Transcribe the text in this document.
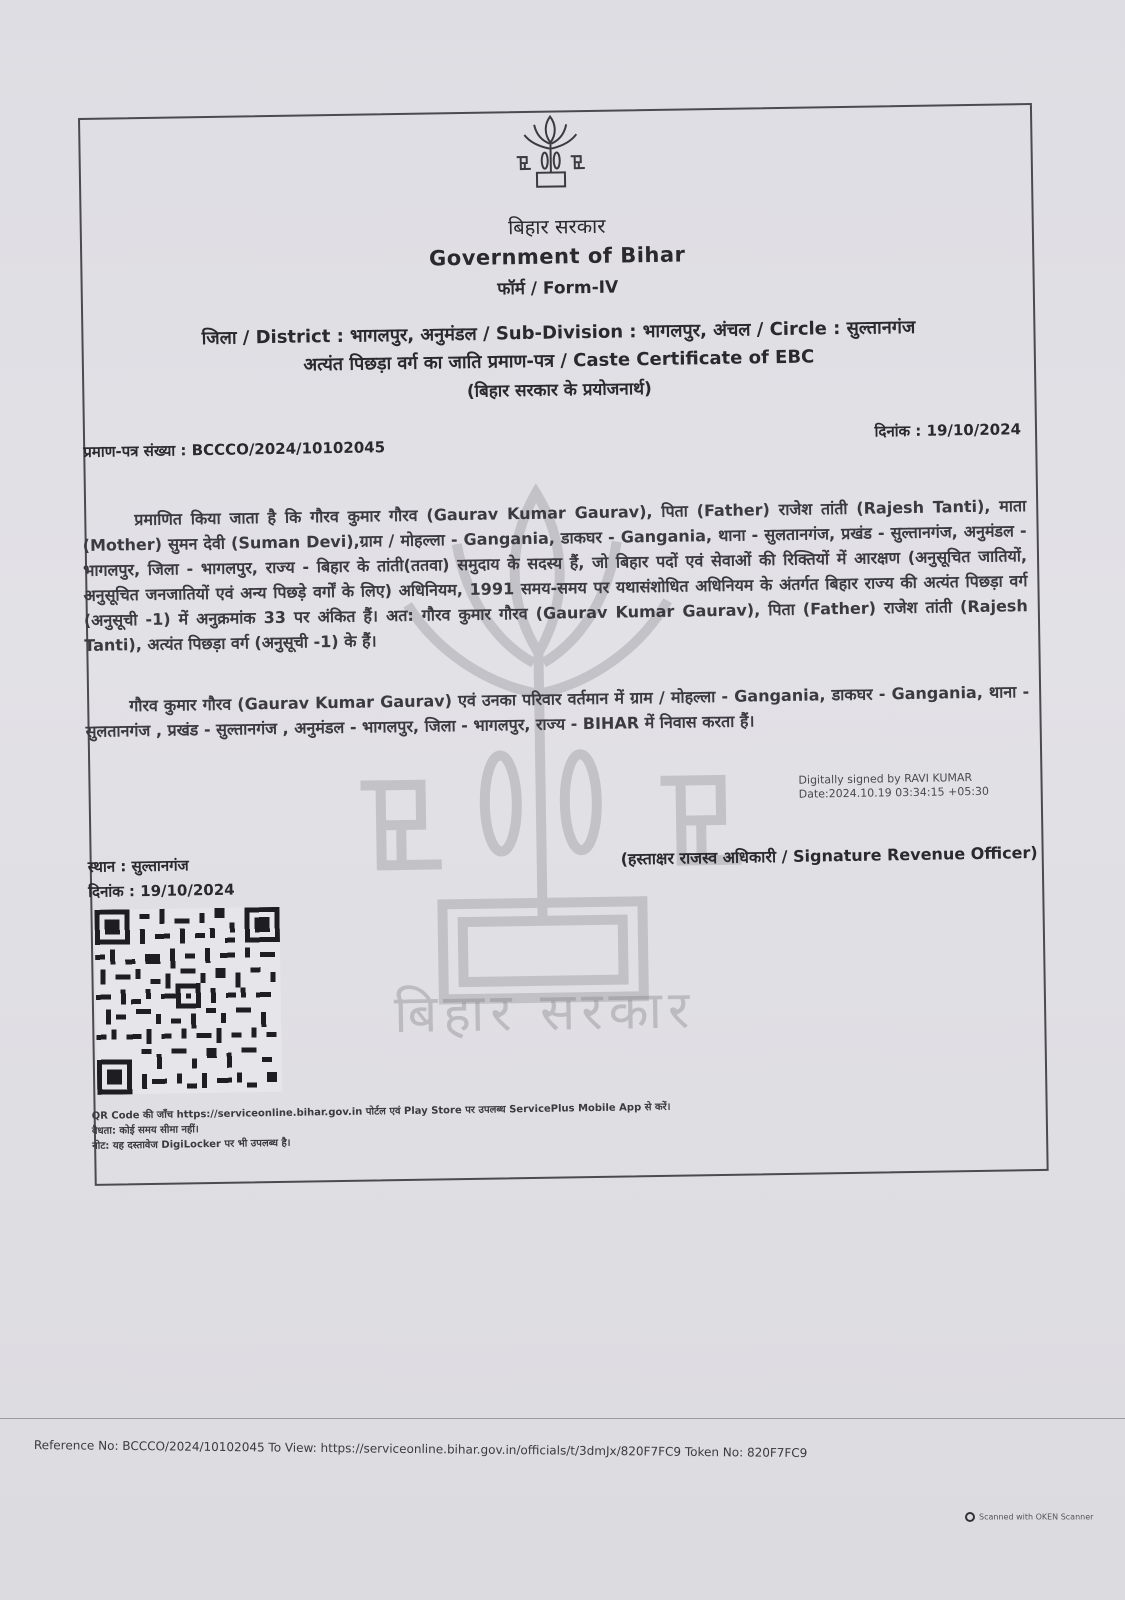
बिहार सरकार
बिहार सरकार
Government of Bihar
फॉर्म / Form-IV
जिला / District : भागलपुर, अनुमंडल / Sub-Division : भागलपुर, अंचल / Circle : सुल्तानगंज
अत्यंत पिछड़ा वर्ग का जाति प्रमाण-पत्र / Caste Certificate of EBC
(बिहार सरकार के प्रयोजनार्थ)
प्रमाण-पत्र संख्या : BCCCO/2024/10102045
दिनांक : 19/10/2024
प्रमाणित किया जाता है कि गौरव कुमार गौरव (Gaurav Kumar Gaurav), पिता (Father) राजेश तांती (Rajesh Tanti), माता (Mother) सुमन देवी (Suman Devi),ग्राम / मोहल्ला - Gangania, डाकघर - Gangania, थाना - सुलतानगंज, प्रखंड - सुल्तानगंज, अनुमंडल - भागलपुर, जिला - भागलपुर, राज्य - बिहार के तांती(ततवा) समुदाय के सदस्य हैं, जो बिहार पदों एवं सेवाओं की रिक्तियों में आरक्षण (अनुसूचित जातियों, अनुसूचित जनजातियों एवं अन्य पिछड़े वर्गों के लिए) अधिनियम, 1991 समय-समय पर यथासंशोधित अधिनियम के अंतर्गत बिहार राज्य की अत्यंत पिछड़ा वर्ग (अनुसूची -1) में अनुक्रमांक 33 पर अंकित हैं। अत: गौरव कुमार गौरव (Gaurav Kumar Gaurav), पिता (Father) राजेश तांती (Rajesh Tanti), अत्यंत पिछड़ा वर्ग (अनुसूची -1) के हैं।
गौरव कुमार गौरव (Gaurav Kumar Gaurav) एवं उनका परिवार वर्तमान में ग्राम / मोहल्ला - Gangania, डाकघर - Gangania, थाना - सुलतानगंज , प्रखंड - सुल्तानगंज , अनुमंडल - भागलपुर, जिला - भागलपुर, राज्य - BIHAR में निवास करता हैं।
Digitally signed by RAVI KUMAR
Date:2024.10.19 03:34:15 +05:30
स्थान : सुल्तानगंज
दिनांक : 19/10/2024
(हस्ताक्षर राजस्व अधिकारी / Signature Revenue Officer)
QR Code की जाँच https://serviceonline.bihar.gov.in पोर्टल एवं Play Store पर उपलब्ध ServicePlus Mobile App से करें।
वैधता: कोई समय सीमा नहीं।
नोट: यह दस्तावेज DigiLocker पर भी उपलब्ध है।
Reference No: BCCCO/2024/10102045 To View: https://serviceonline.bihar.gov.in/officials/t/3dmJx/820F7FC9 Token No: 820F7FC9
Scanned with OKEN Scanner
